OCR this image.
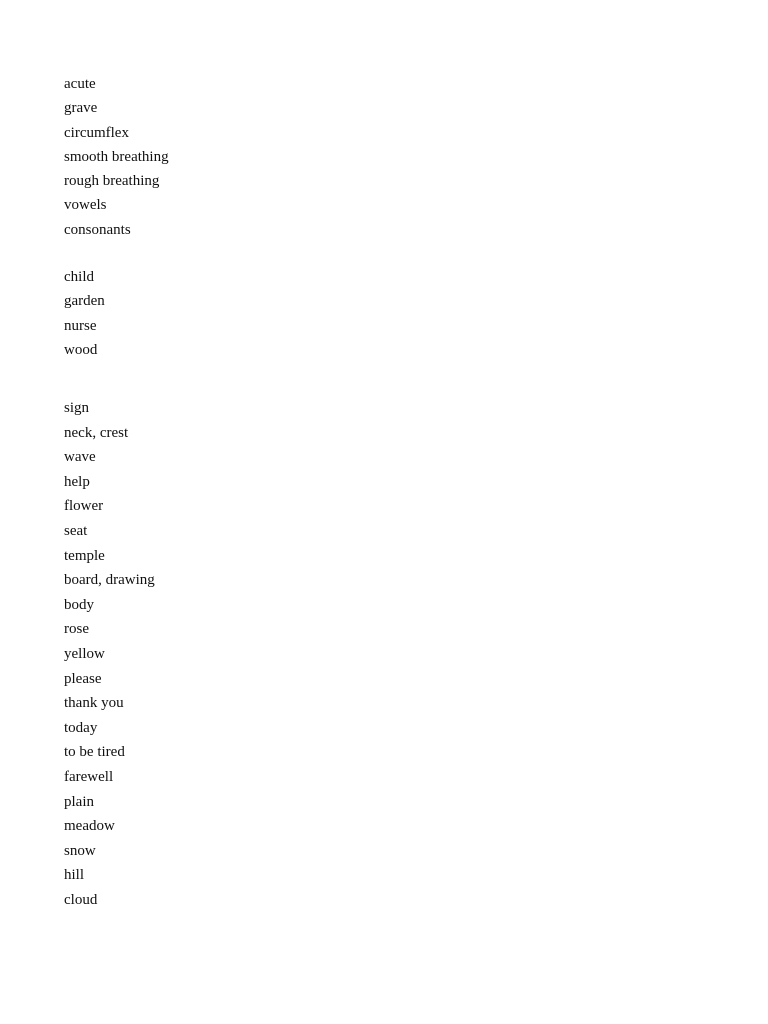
acute
grave
circumflex
smooth breathing
rough breathing
vowels
consonants
child
garden
nurse
wood
sign
neck, crest
wave
help
flower
seat
temple
board, drawing
body
rose
yellow
please
thank you
today
to be tired
farewell
plain
meadow
snow
hill
cloud
